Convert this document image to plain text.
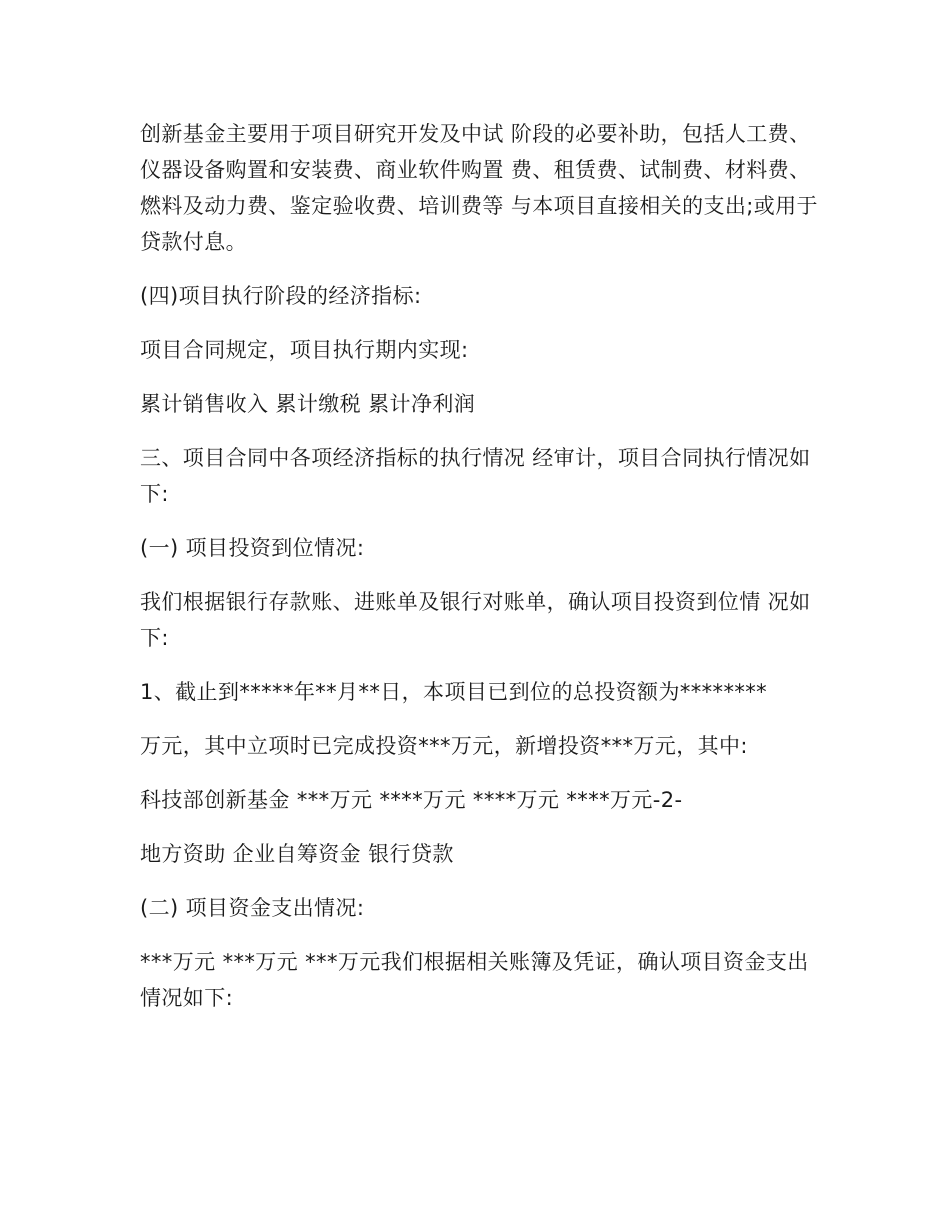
创新基金主要用于项目研究开发及中试 阶段的必要补助，包括人工费、仪器设备购置和安装费、商业软件购置 费、租赁费、试制费、材料费、燃料及动力费、鉴定验收费、培训费等 与本项目直接相关的支出;或用于贷款付息。

(四)项目执行阶段的经济指标:

项目合同规定，项目执行期内实现:

累计销售收入 累计缴税 累计净利润

三、项目合同中各项经济指标的执行情况 经审计，项目合同执行情况如下:

(一) 项目投资到位情况:

我们根据银行存款账、进账单及银行对账单，确认项目投资到位情 况如下:

1、截止到*****年**月**日，本项目已到位的总投资额为********

万元，其中立项时已完成投资***万元，新增投资***万元，其中:

科技部创新基金 ***万元 ****万元 ****万元 ****万元-2-

地方资助 企业自筹资金 银行贷款

(二) 项目资金支出情况:

***万元 ***万元 ***万元我们根据相关账簿及凭证，确认项目资金支出情况如下:
